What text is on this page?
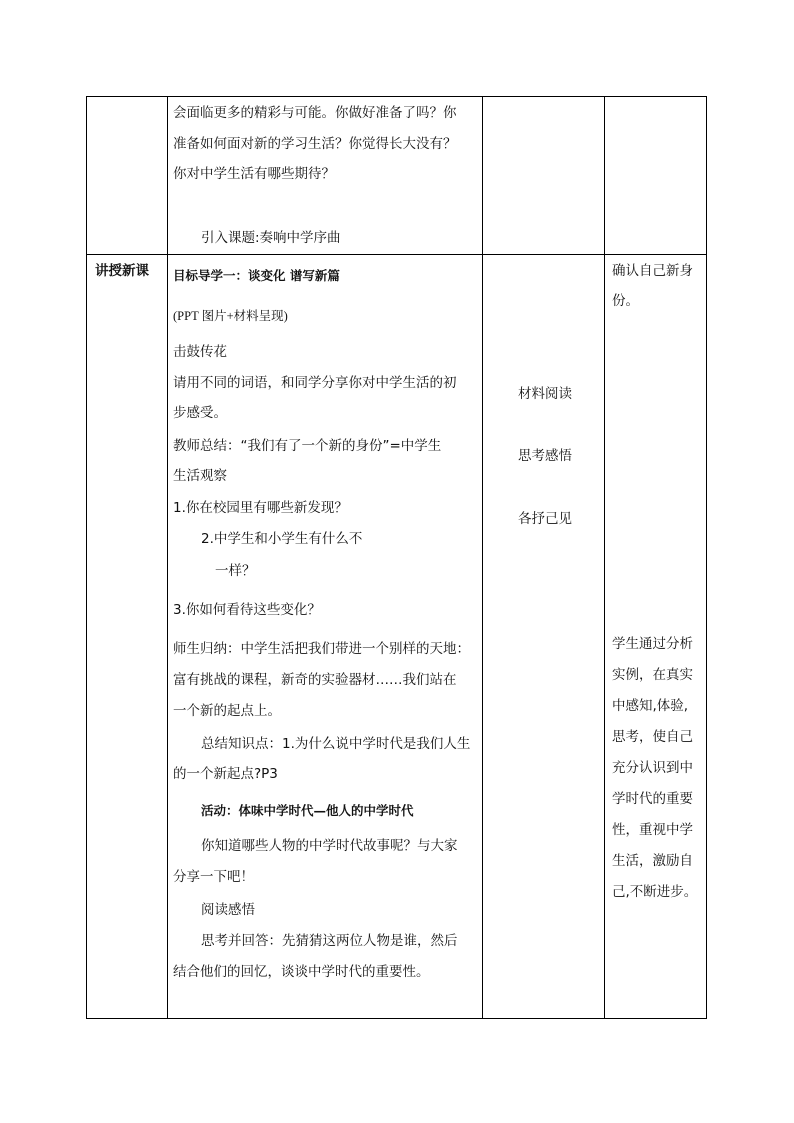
会面临更多的精彩与可能。你做好准备了吗？你
准备如何面对新的学习生活？你觉得长大没有？
你对中学生活有哪些期待？
引入课题:奏响中学序曲
讲授新课 目标导学一：谈变化 谱写新篇
(PPT 图片+材料呈现)
击鼓传花
请用不同的词语，和同学分享你对中学生活的初
步感受。
教师总结：“我们有了一个新的身份”=中学生
生活观察
1.你在校园里有哪些新发现？
2.中学生和小学生有什么不
一样？
3.你如何看待这些变化？
师生归纳：中学生活把我们带进一个别样的天地：
富有挑战的课程，新奇的实验器材……我们站在
一个新的起点上。
总结知识点：1.为什么说中学时代是我们人生
的一个新起点?P3
活动：体味中学时代—他人的中学时代
你知道哪些人物的中学时代故事呢？与大家
分享一下吧！
阅读感悟
思考并回答：先猜猜这两位人物是谁，然后
结合他们的回忆，谈谈中学时代的重要性。
材料阅读
思考感悟
各抒己见
确认自己新身
份。
学生通过分析
实例，在真实
中感知,体验,
思考，使自己
充分认识到中
学时代的重要
性，重视中学
生活，激励自
己,不断进步。
